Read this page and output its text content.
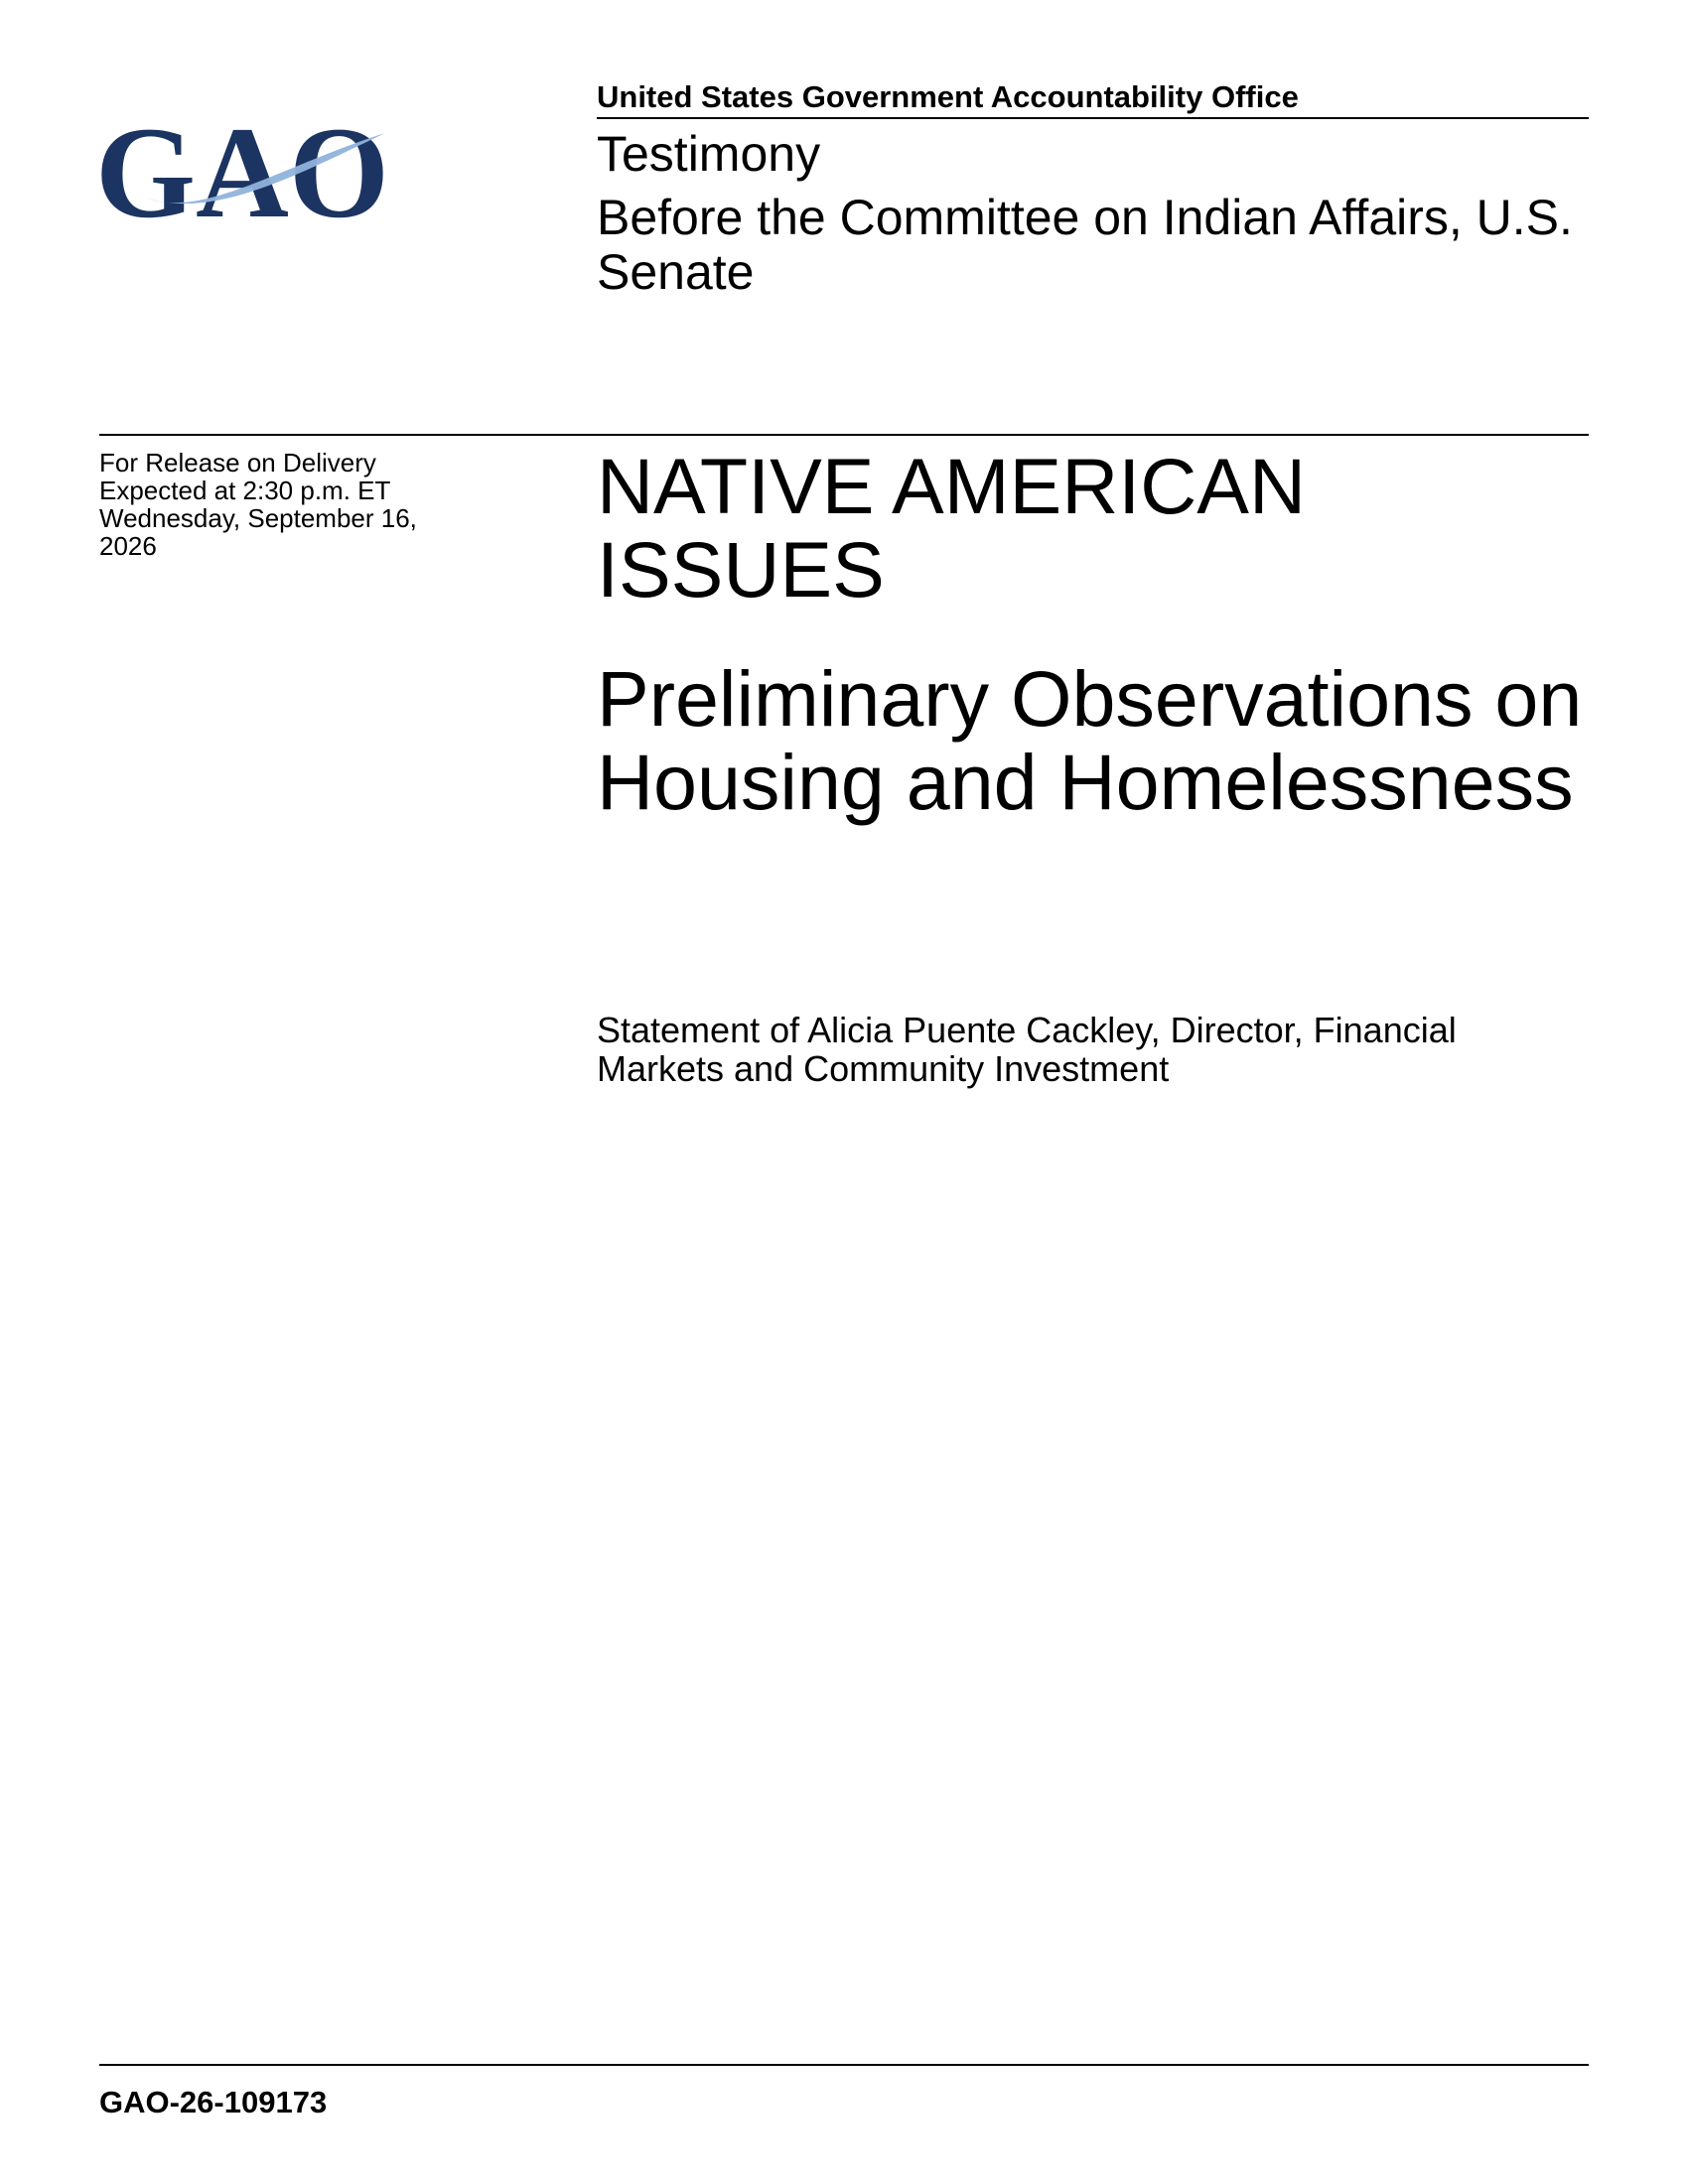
United States Government Accountability Office
GAO	Testimony
Before the Committee on Indian Affairs, U.S. Senate
For Release on Delivery
Expected at 2:30 p.m. ET
Wednesday, September 16, 2026
NATIVE AMERICAN ISSUES
Preliminary Observations on Housing and Homelessness
Statement of Alicia Puente Cackley, Director, Financial Markets and Community Investment
GAO-26-109173
